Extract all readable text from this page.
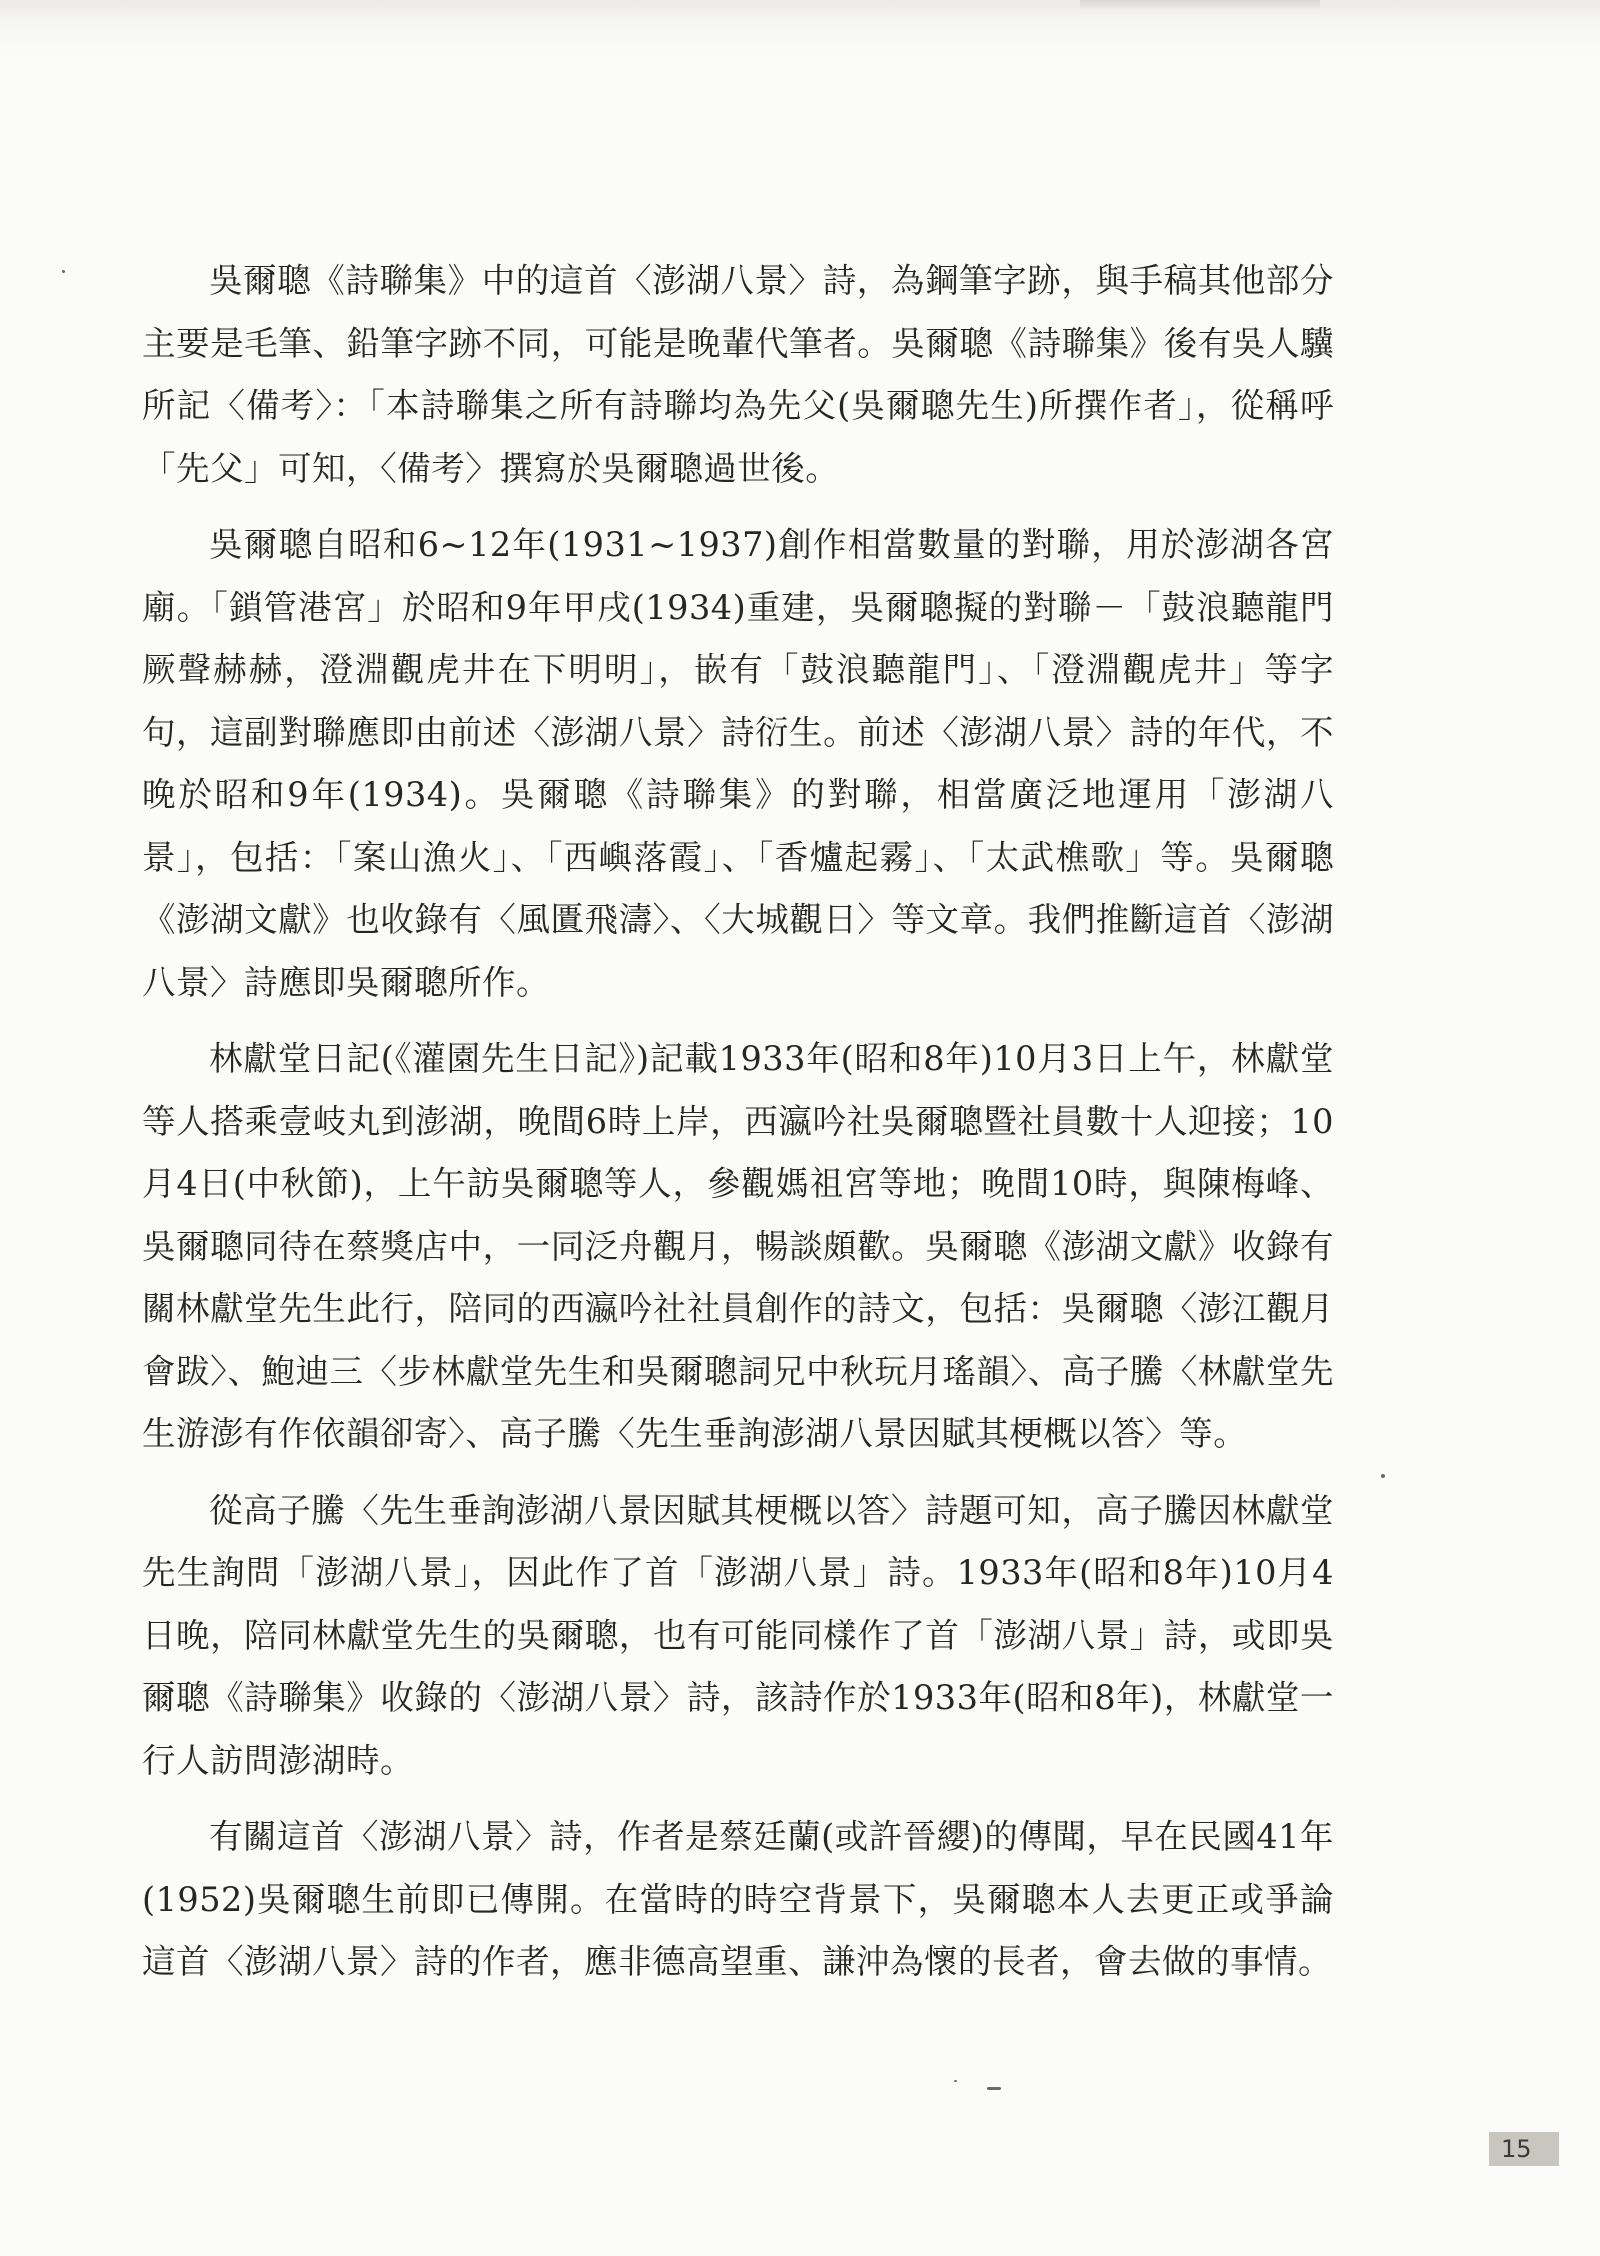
吳爾聰《詩聯集》中的這首〈澎湖八景〉詩，為鋼筆字跡，與手稿其他部分主要是毛筆、鉛筆字跡不同，可能是晚輩代筆者。吳爾聰《詩聯集》後有吳人驥所記〈備考〉：「本詩聯集之所有詩聯均為先父(吳爾聰先生)所撰作者」，從稱呼「先父」可知，〈備考〉撰寫於吳爾聰過世後。

吳爾聰自昭和6~12年(1931~1937)創作相當數量的對聯，用於澎湖各宮廟。「鎖管港宮」於昭和9年甲戌(1934)重建，吳爾聰擬的對聯－「鼓浪聽龍門厥聲赫赫，澄淵觀虎井在下明明」，嵌有「鼓浪聽龍門」、「澄淵觀虎井」等字句，這副對聯應即由前述〈澎湖八景〉詩衍生。前述〈澎湖八景〉詩的年代，不晚於昭和9年(1934)。吳爾聰《詩聯集》的對聯，相當廣泛地運用「澎湖八景」，包括：「案山漁火」、「西嶼落霞」、「香爐起霧」、「太武樵歌」等。吳爾聰《澎湖文獻》也收錄有〈風匱飛濤〉、〈大城觀日〉等文章。我們推斷這首〈澎湖八景〉詩應即吳爾聰所作。

林獻堂日記(《灌園先生日記》)記載1933年(昭和8年)10月3日上午，林獻堂等人搭乘壹岐丸到澎湖，晚間6時上岸，西瀛吟社吳爾聰暨社員數十人迎接；10月4日(中秋節)，上午訪吳爾聰等人，參觀媽祖宮等地；晚間10時，與陳梅峰、吳爾聰同待在蔡獎店中，一同泛舟觀月，暢談頗歡。吳爾聰《澎湖文獻》收錄有關林獻堂先生此行，陪同的西瀛吟社社員創作的詩文，包括：吳爾聰〈澎江觀月會跋〉、鮑迪三〈步林獻堂先生和吳爾聰詞兄中秋玩月瑤韻〉、高子騰〈林獻堂先生游澎有作依韻卻寄〉、高子騰〈先生垂詢澎湖八景因賦其梗概以答〉等。

從高子騰〈先生垂詢澎湖八景因賦其梗概以答〉詩題可知，高子騰因林獻堂先生詢問「澎湖八景」，因此作了首「澎湖八景」詩。1933年(昭和8年)10月4日晚，陪同林獻堂先生的吳爾聰，也有可能同樣作了首「澎湖八景」詩，或即吳爾聰《詩聯集》收錄的〈澎湖八景〉詩，該詩作於1933年(昭和8年)，林獻堂一行人訪問澎湖時。

有關這首〈澎湖八景〉詩，作者是蔡廷蘭(或許晉纓)的傳聞，早在民國41年(1952)吳爾聰生前即已傳開。在當時的時空背景下，吳爾聰本人去更正或爭論這首〈澎湖八景〉詩的作者，應非德高望重、謙沖為懷的長者，會去做的事情。

15
